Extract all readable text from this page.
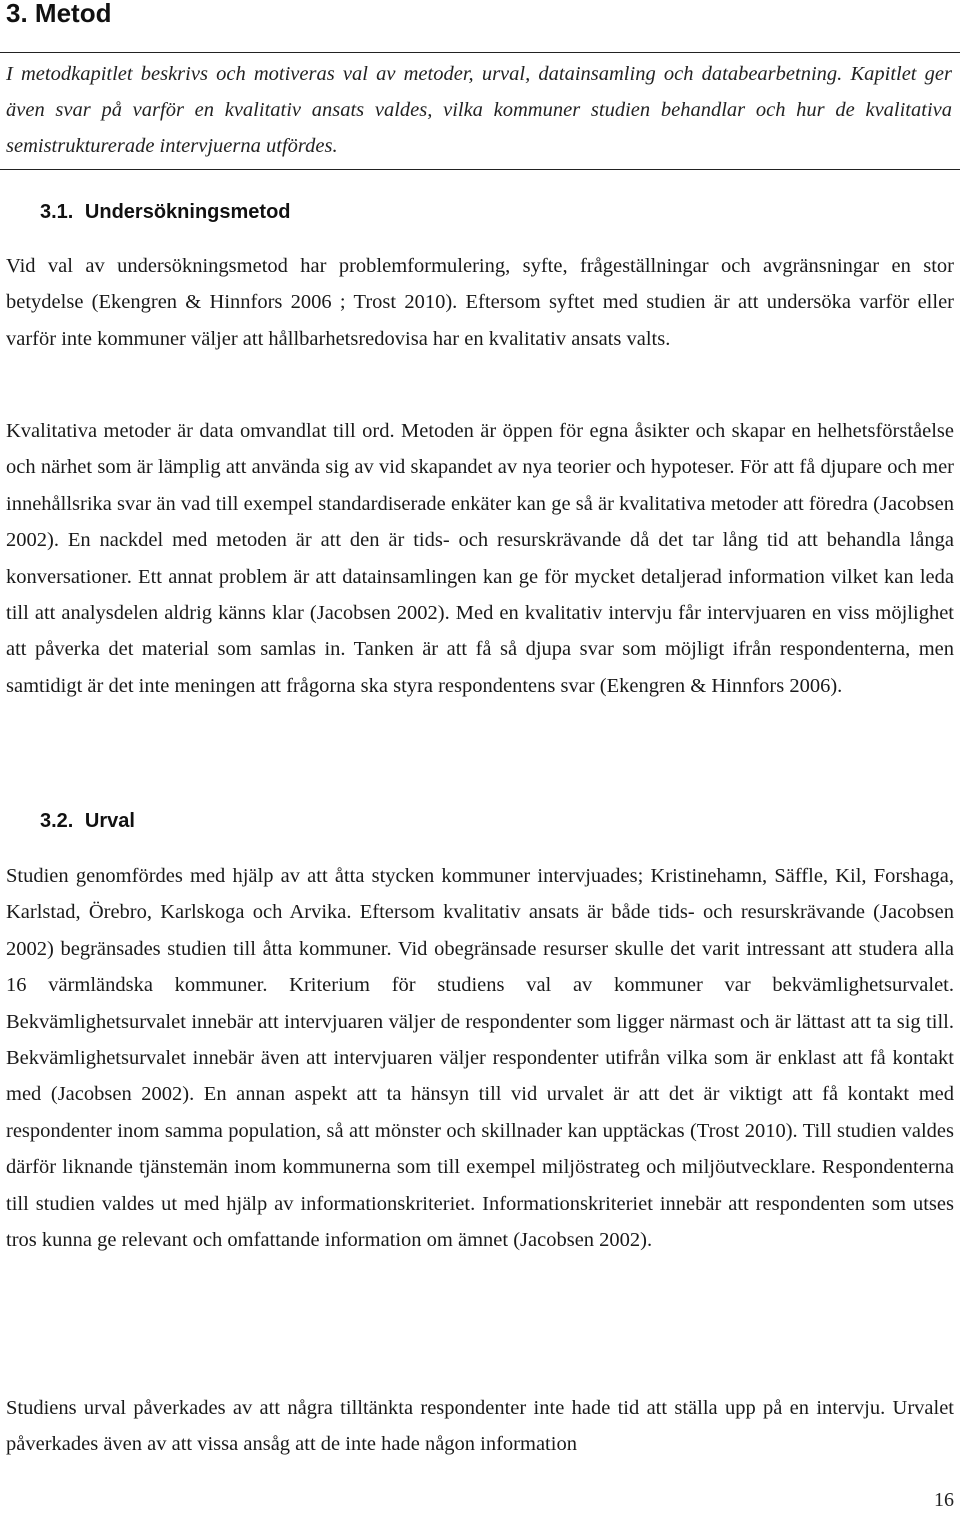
3. Metod

I metodkapitlet beskrivs och motiveras val av metoder, urval, datainsamling och databearbetning. Kapitlet ger även svar på varför en kvalitativ ansats valdes, vilka kommuner studien behandlar och hur de kvalitativa semistrukturerade intervjuerna utfördes.

3.1. Undersökningsmetod

Vid val av undersökningsmetod har problemformulering, syfte, frågeställningar och avgränsningar en stor betydelse (Ekengren & Hinnfors 2006 ; Trost 2010). Eftersom syftet med studien är att undersöka varför eller varför inte kommuner väljer att hållbarhetsredovisa har en kvalitativ ansats valts.

Kvalitativa metoder är data omvandlat till ord. Metoden är öppen för egna åsikter och skapar en helhetsförståelse och närhet som är lämplig att använda sig av vid skapandet av nya teorier och hypoteser. För att få djupare och mer innehållsrika svar än vad till exempel standardiserade enkäter kan ge så är kvalitativa metoder att föredra (Jacobsen 2002). En nackdel med metoden är att den är tids- och resurskrävande då det tar lång tid att behandla långa konversationer. Ett annat problem är att datainsamlingen kan ge för mycket detaljerad information vilket kan leda till att analysdelen aldrig känns klar (Jacobsen 2002). Med en kvalitativ intervju får intervjuaren en viss möjlighet att påverka det material som samlas in. Tanken är att få så djupa svar som möjligt ifrån respondenterna, men samtidigt är det inte meningen att frågorna ska styra respondentens svar (Ekengren & Hinnfors 2006).

3.2. Urval

Studien genomfördes med hjälp av att åtta stycken kommuner intervjuades; Kristinehamn, Säffle, Kil, Forshaga, Karlstad, Örebro, Karlskoga och Arvika. Eftersom kvalitativ ansats är både tids- och resurskrävande (Jacobsen 2002) begränsades studien till åtta kommuner. Vid obegränsade resurser skulle det varit intressant att studera alla 16 värmländska kommuner. Kriterium för studiens val av kommuner var bekvämlighetsurvalet. Bekvämlighetsurvalet innebär att intervjuaren väljer de respondenter som ligger närmast och är lättast att ta sig till. Bekvämlighetsurvalet innebär även att intervjuaren väljer respondenter utifrån vilka som är enklast att få kontakt med (Jacobsen 2002). En annan aspekt att ta hänsyn till vid urvalet är att det är viktigt att få kontakt med respondenter inom samma population, så att mönster och skillnader kan upptäckas (Trost 2010). Till studien valdes därför liknande tjänstemän inom kommunerna som till exempel miljöstrateg och miljöutvecklare. Respondenterna till studien valdes ut med hjälp av informationskriteriet. Informationskriteriet innebär att respondenten som utses tros kunna ge relevant och omfattande information om ämnet (Jacobsen 2002).

Studiens urval påverkades av att några tilltänkta respondenter inte hade tid att ställa upp på en intervju. Urvalet påverkades även av att vissa ansåg att de inte hade någon information

16
